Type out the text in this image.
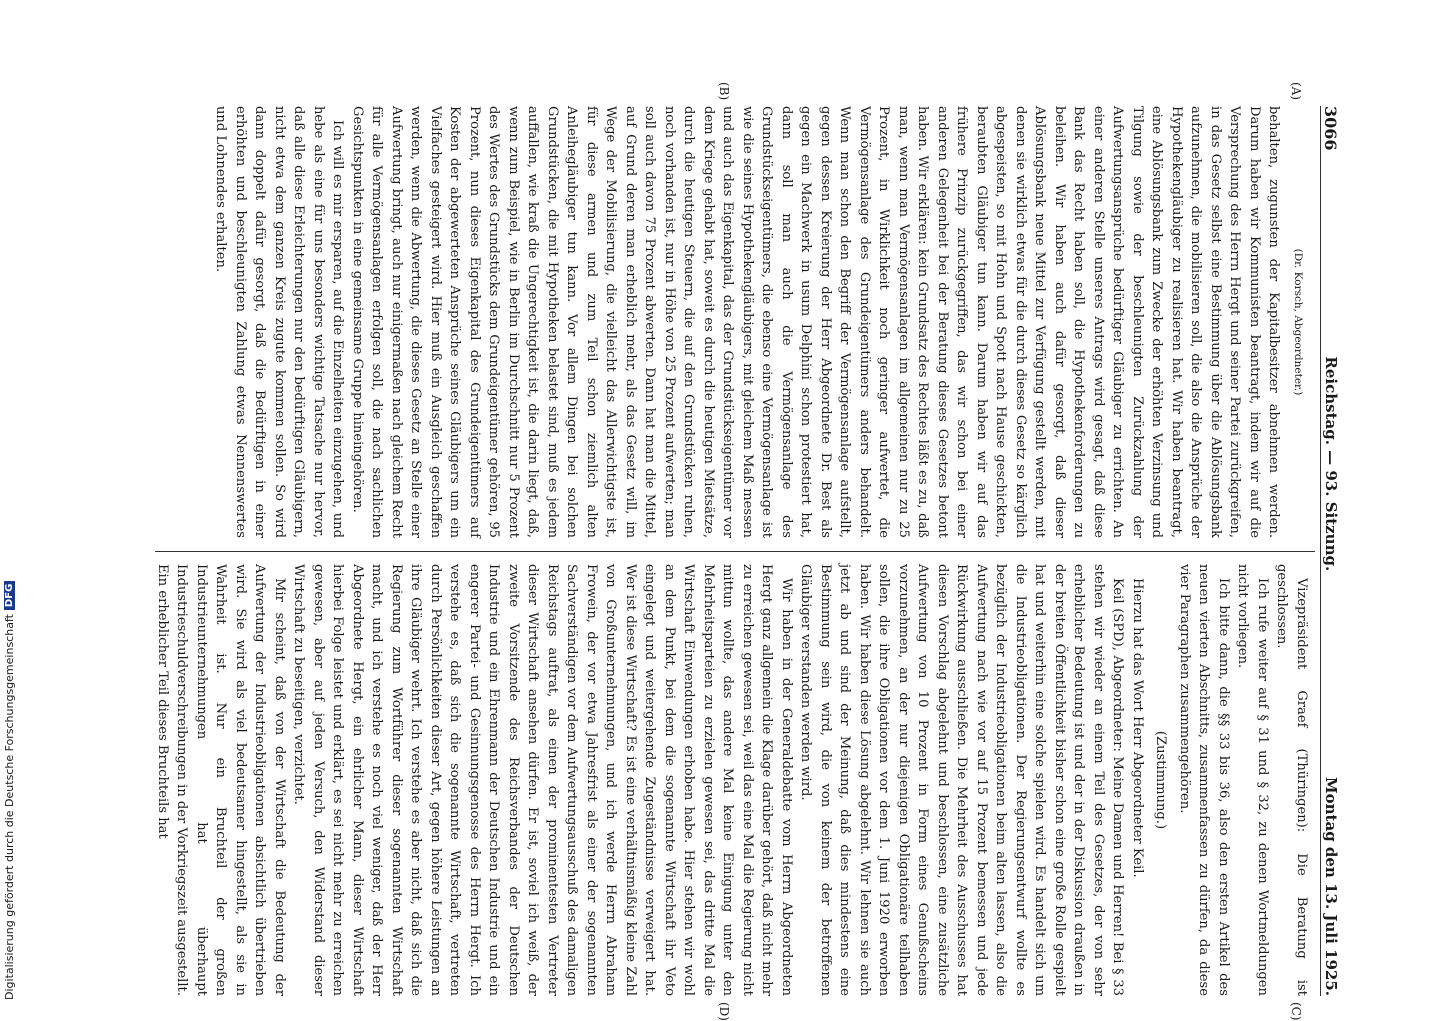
3066
Reichstag. — 93. Sitzung.
Montag den 13. Juli 1925.
(A)
(B)
(C)
(D)

(Dr. Korsch, Abgeordneter.)

behalten, zugunsten der Kapitalbesitzer abnehmen werden. Darum haben wir Kommunisten beantragt, indem wir auf die Versprechung des Herrn Hergt und seiner Partei zurückgreifen, in das Gesetz selbst eine Bestimmung über die Ablösungsbank aufzunehmen, die mobilisieren soll, die also die Ansprüche der Hypothekengläubiger zu realisieren hat. Wir haben beantragt, eine Ablösungsbank zum Zwecke der erhöhten Verzinsung und Tilgung sowie der beschleunigten Zurückzahlung der Aufwertungsansprüche bedürftiger Gläubiger zu errichten. An einer anderen Stelle unseres Antrags wird gesagt, daß diese Bank das Recht haben soll, die Hypothekenforderungen zu beleihen. Wir haben auch dafür gesorgt, daß dieser Ablösungsbank neue Mittel zur Verfügung gestellt werden, mit denen sie wirklich etwas für die durch dieses Gesetz so kärglich abgespeisten, so mit Hohn und Spott nach Hause geschickten, beraubten Gläubiger tun kann. Darum haben wir auf das frühere Prinzip zurückgegriffen, das wir schon bei einer anderen Gelegenheit bei der Beratung dieses Gesetzes betont haben. Wir erklären: kein Grundsatz des Rechtes läßt es zu, daß man, wenn man Vermögensanlagen im allgemeinen nur zu 25 Prozent, in Wirklichkeit noch geringer aufwertet, die Vermögensanlage des Grundeigentümers anders behandelt. Wenn man schon den Begriff der Vermögensanlage aufstellt, gegen dessen Kreierung der Herr Abgeordnete Dr. Best als gegen ein Machwerk in usum Delphini schon protestiert hat, dann soll man auch die Vermögensanlage des Grundstückseigentümers, die ebenso eine Vermögensanlage ist wie die seines Hypothekengläubigers, mit gleichem Maß messen und auch das Eigenkapital, das der Grundstückseigentümer vor dem Kriege gehabt hat, soweit es durch die heutigen Mietsätze, durch die heutigen Steuern, die auf den Grundstücken ruhen, noch vorhanden ist, nur in Höhe von 25 Prozent aufwerten; man soll auch davon 75 Prozent abwerten. Dann hat man die Mittel, auf Grund deren man erheblich mehr, als das Gesetz will, im Wege der Mobilisierung, die vielleicht das Allerwichtigste ist, für diese armen und zum Teil schon ziemlich alten Anleihegläubiger tun kann. Vor allem Dingen bei solchen Grundstücken, die mit Hypotheken belastet sind, muß es jedem auffallen, wie kraß die Ungerechtigkeit ist, die darin liegt, daß, wenn zum Beispiel, wie in Berlin im Durchschnitt nur 5 Prozent des Wertes des Grundstücks dem Grundeigentümer gehören, 95 Prozent, nun dieses Eigenkapital des Grundeigentümers auf Kosten der abgewerteten Ansprüche seines Gläubigers um ein Vielfaches gesteigert wird. Hier muß ein Ausgleich geschaffen werden, wenn die Abwertung, die dieses Gesetz an Stelle einer Aufwertung bringt, auch nur einigermaßen nach gleichem Recht für alle Vermögensanlagen erfolgen soll, die nach sachlichen Gesichtspunkten in eine gemeinsame Gruppe hineingehören.

Ich will es mir ersparen, auf die Einzelheiten einzugehen, und hebe als eine für uns besonders wichtige Tatsache nur hervor, daß alle diese Erleichterungen nur den bedürftigen Gläubigern, nicht etwa dem ganzen Kreis zugute kommen sollen. So wird dann doppelt dafür gesorgt, daß die Bedürftigen in einer erhöhten und beschleunigten Zahlung etwas Nennenswertes und Lohnendes erhalten.

Vizepräsident Graef (Thüringen): Die Beratung ist geschlossen.

Ich rufe weiter auf § 31 und § 32, zu denen Wortmeldungen nicht vorliegen.

Ich bitte dann, die §§ 33 bis 36, also den ersten Artikel des neuen vierten Abschnitts, zusammenfassen zu dürfen, da diese vier Paragraphen zusammengehören.

(Zustimmung.)

Hierzu hat das Wort Herr Abgeordneter Keil.

Keil (SPD), Abgeordneter: Meine Damen und Herren! Bei § 33 stehen wir wieder an einem Teil des Gesetzes, der von sehr erheblicher Bedeutung ist und der in der Diskussion draußen in der breiten Öffentlichkeit bisher schon eine große Rolle gespielt hat und weiterhin eine solche spielen wird. Es handelt sich um die Industrieobligationen. Der Regierungsentwurf wollte es bezüglich der Industrieobligationen beim alten lassen, also die Aufwertung nach wie vor auf 15 Prozent bemessen und jede Rückwirkung ausschließen. Die Mehrheit des Ausschusses hat diesen Vorschlag abgelehnt und beschlossen, eine zusätzliche Aufwertung von 10 Prozent in Form eines Genußscheins vorzunehmen, an der nur diejenigen Obligationäre teilhaben sollen, die ihre Obligationen vor dem 1. Juni 1920 erworben haben. Wir haben diese Lösung abgelehnt. Wir lehnen sie auch jetzt ab und sind der Meinung, daß dies mindestens eine Bestimmung sein wird, die von keinem der betroffenen Gläubiger verstanden werden wird.

Wir haben in der Generaldebatte vom Herrn Abgeordneten Hergt ganz allgemein die Klage darüber gehört, daß nicht mehr zu erreichen gewesen sei, weil das eine Mal die Regierung nicht mittun wollte, das andere Mal keine Einigung unter den Mehrheitsparteien zu erzielen gewesen sei, das dritte Mal die Wirtschaft Einwendungen erhoben habe. Hier stehen wir wohl an dem Punkt, bei dem die sogenannte Wirtschaft ihr Veto eingelegt und weitergehende Zugeständnisse verweigert hat. Wer ist diese Wirtschaft? Es ist eine verhältnismäßig kleine Zahl von Großunternehmungen, und ich werde Herrn Abraham Frowein, der vor etwa Jahresfrist als einer der sogenannten Sachverständigen vor dem Aufwertungsausschuß des damaligen Reichstags auftrat, als einen der prominentesten Vertreter dieser Wirtschaft ansehen dürfen. Er ist, soviel ich weiß, der zweite Vorsitzende des Reichsverbandes der Deutschen Industrie und ein Ehrenmann der Deutschen Industrie und ein engerer Partei- und Gesinnungsgenosse des Herrn Hergt. Ich verstehe es, daß sich die sogenannte Wirtschaft, vertreten durch Persönlichkeiten dieser Art, gegen höhere Leistungen an ihre Gläubiger wehrt. Ich verstehe es aber nicht, daß sich die Regierung zum Wortführer dieser sogenannten Wirtschaft macht, und ich verstehe es noch viel weniger, daß der Herr Abgeordnete Hergt, ein ehrlicher Mann, dieser Wirtschaft hierbei Folge leistet und erklärt, es sei nicht mehr zu erreichen gewesen, aber auf jeden Versuch, den Widerstand dieser Wirtschaft zu beseitigen, verzichtet.

Mir scheint, daß von der Wirtschaft die Bedeutung der Aufwertung der Industrieobligationen absichtlich übertrieben wird. Sie wird als viel bedeutsamer hingestellt, als sie in Wahrheit ist. Nur ein Bruchteil der großen Industrieunternehmungen hat überhaupt Industrieschuldverschreibungen in der Vorkriegszeit ausgestellt. Ein erheblicher Teil dieses Bruchteils hat

Digitalisierung gefördert durch die Deutsche Forschungsgemeinschaft
DFG
